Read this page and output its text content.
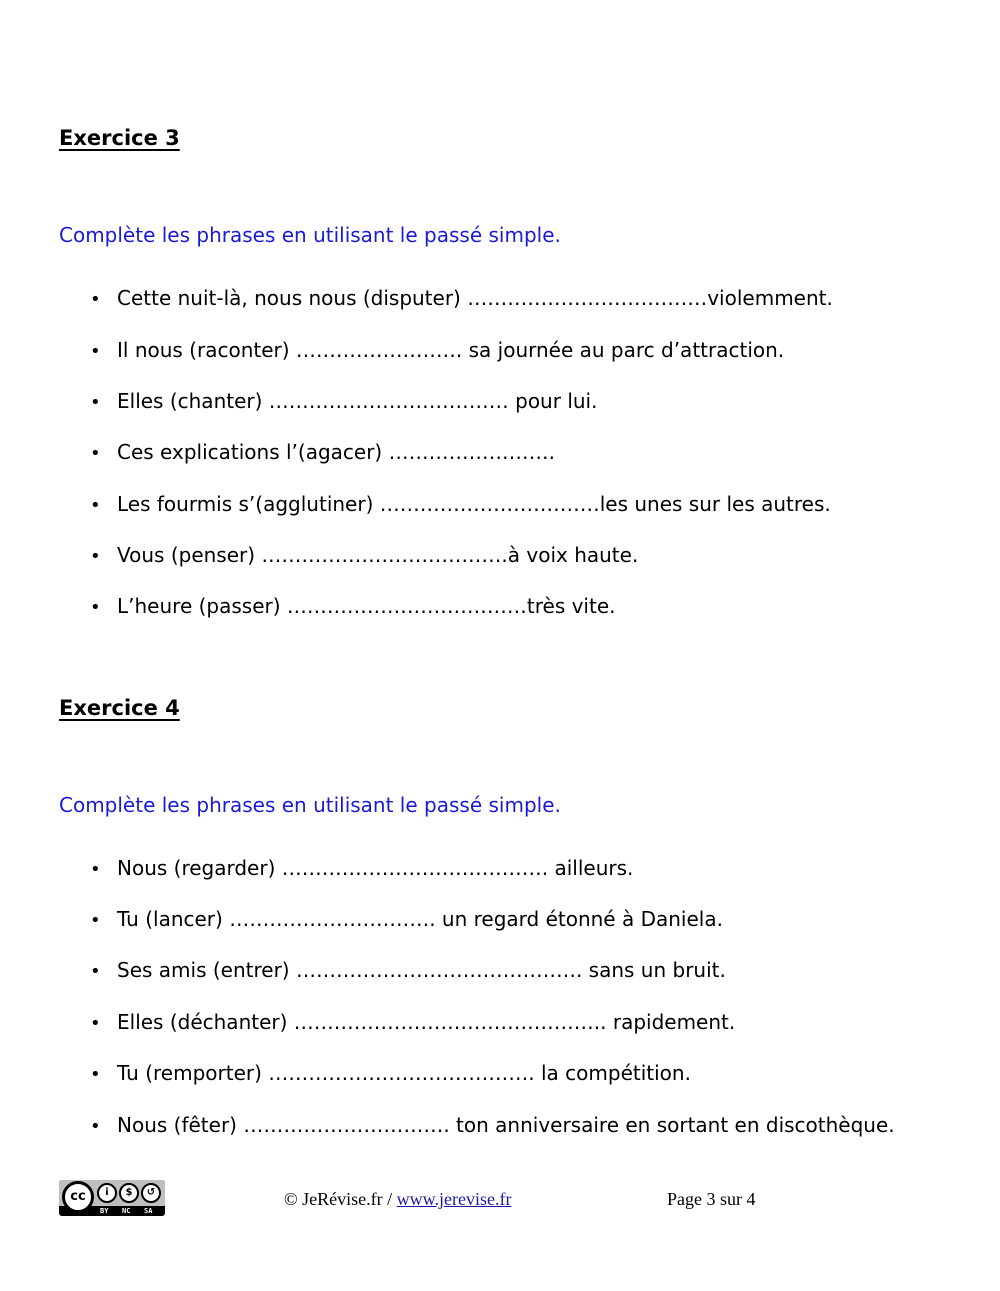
Exercice 3

Complète les phrases en utilisant le passé simple.

• Cette nuit-là, nous nous (disputer) ………………………………violemment.
• Il nous (raconter) ……………………. sa journée au parc d’attraction.
• Elles (chanter) ……………………………… pour lui.
• Ces explications l’(agacer) …………………….
• Les fourmis s’(agglutiner) ……………………………les unes sur les autres.
• Vous (penser) ……………………………….à voix haute.
• L’heure (passer) ………………………………très vite.
Exercice 4

Complète les phrases en utilisant le passé simple.

• Nous (regarder) …………………………………. ailleurs.
• Tu (lancer) …………………………. un regard étonné à Daniela.
• Ses amis (entrer) ……………………………………. sans un bruit.
• Elles (déchanter) ……………………………………….. rapidement.
• Tu (remporter) …………………………………. la compétition.
• Nous (fêter) …………………………. ton anniversaire en sortant en discothèque.
cc	i	$	↺
BY NC SA
© JeRévise.fr / www.jerevise.fr	Page 3 sur 4
